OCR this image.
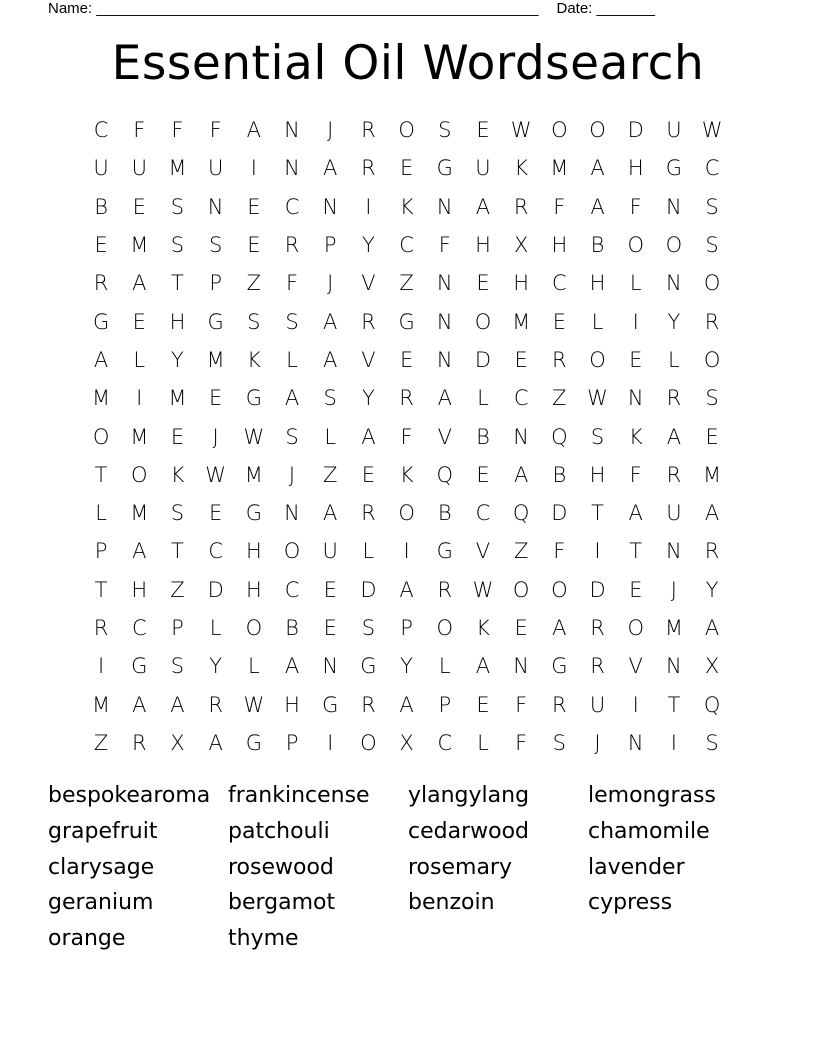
Name: _____________________________________________________ Date: _______
Essential Oil Wordsearch
C	F	F	F	A	N	J	R	O	S	E	W O	O	D	U W
U	U	M	U	I	N	A	R	E	G	U	K	M	A	H	G	C
B	E	S	N	E	C	N	I	K	N	A	R	F	A	F	N	S
E	M	S	S	E	R	P	Y	C	F	H	X	H	B	O	O	S
R	A	T	P	Z	F	J	V	Z	N	E	H	C	H	L	N	O
G	E	H	G	S	S	A	R	G	N	O M	E	L	I	Y	R
A	L	Y	M	K	L	A	V	E	N	D	E	R	O	E	L	O
M	I	M	E	G	A	S	Y	R	A	L	C	Z W N	R	S
O M	E	J	W	S	L	A	F	V	B	N	Q	S	K	A	E
T	O	K W M	J	Z	E	K	Q	E	A	B	H	F	R	M
L	M	S	E	G	N	A	R	O	B	C	Q	D	T	A	U	A
P	A	T	C	H	O	U	L	I	G	V	Z	F	I	T	N	R
T	H	Z	D	H	C	E	D	A	R W O	O	D	E	J	Y
R	C	P	L	O	B	E	S	P	O	K	E	A	R	O M	A
I	G	S	Y	L	A	N	G	Y	L	A	N	G	R	V	N	X
M	A	A	R W H	G	R	A	P	E	F	R	U	I	T	Q
Z	R	X	A	G	P	I	O	X	C	L	F	S	J	N	I	S
bespokearoma frankincense	ylangylang	lemongrass
grapefruit	patchouli	cedarwood	chamomile
clarysage	rosewood	rosemary	lavender
geranium	bergamot	benzoin	cypress
orange	thyme
